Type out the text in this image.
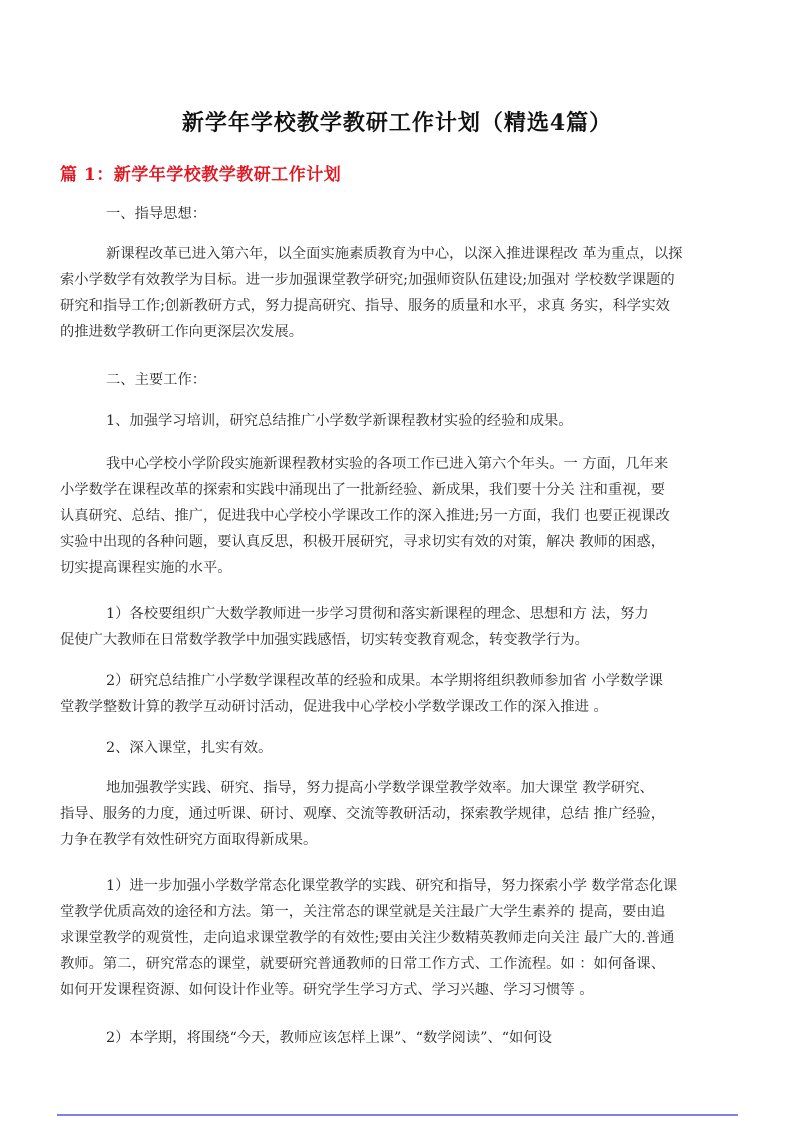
新学年学校教学教研工作计划（精选4篇）
篇 1：新学年学校教学教研工作计划

一、指导思想：

新课程改革已进入第六年，以全面实施素质教育为中心，以深入推进课程改 革为重点，以探
索小学数学有效教学为目标。进一步加强课堂教学研究;加强师资队伍建设;加强对 学校数学课题的
研究和指导工作;创新教研方式，努力提高研究、指导、服务的质量和水平，求真 务实，科学实效
的推进数学教研工作向更深层次发展。

二、主要工作：

1、加强学习培训，研究总结推广小学数学新课程教材实验的经验和成果。

我中心学校小学阶段实施新课程教材实验的各项工作已进入第六个年头。一 方面，几年来
小学数学在课程改革的探索和实践中涌现出了一批新经验、新成果，我们要十分关 注和重视，要
认真研究、总结、推广，促进我中心学校小学课改工作的深入推进;另一方面，我们 也要正视课改
实验中出现的各种问题，要认真反思，积极开展研究，寻求切实有效的对策，解决 教师的困惑，
切实提高课程实施的水平。

1）各校要组织广大数学教师进一步学习贯彻和落实新课程的理念、思想和方 法，努力
促使广大教师在日常数学教学中加强实践感悟，切实转变教育观念，转变教学行为。

2）研究总结推广小学数学课程改革的经验和成果。本学期将组织教师参加省 小学数学课
堂教学整数计算的教学互动研讨活动，促进我中心学校小学数学课改工作的深入推进 。

2、深入课堂，扎实有效。

地加强教学实践、研究、指导，努力提高小学数学课堂教学效率。加大课堂 教学研究、
指导、服务的力度，通过听课、研讨、观摩、交流等教研活动，探索教学规律，总结 推广经验，
力争在教学有效性研究方面取得新成果。

1）进一步加强小学数学常态化课堂教学的实践、研究和指导，努力探索小学 数学常态化课
堂教学优质高效的途径和方法。第一，关注常态的课堂就是关注最广大学生素养的 提高，要由追
求课堂教学的观赏性，走向追求课堂教学的有效性;要由关注少数精英教师走向关注 最广大的.普通
教师。第二，研究常态的课堂，就要研究普通教师的日常工作方式、工作流程。如 ：如何备课、
如何开发课程资源、如何设计作业等。研究学生学习方式、学习兴趣、学习习惯等 。

2）本学期，将围绕“今天，教师应该怎样上课”、“数学阅读”、“如何设
